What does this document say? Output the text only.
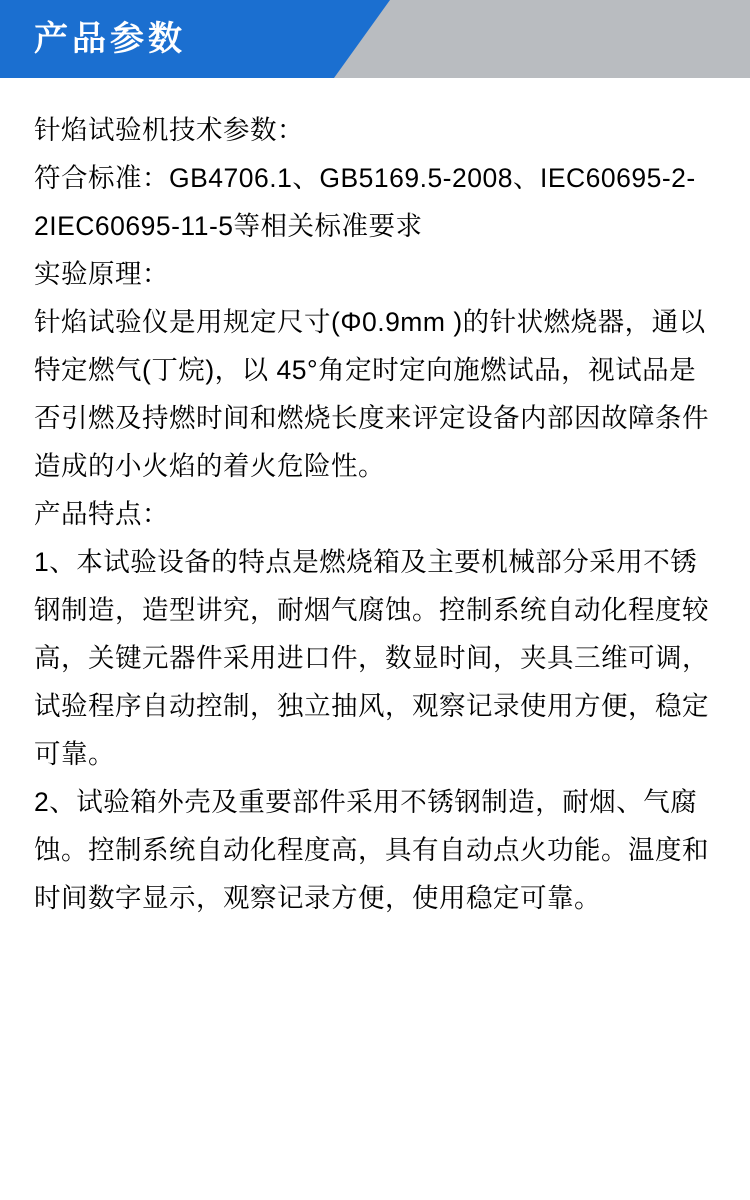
产品参数

针焰试验机技术参数：

符合标准：GB4706.1、GB5169.5-2008、IEC60695-2-2IEC60695-11-5等相关标准要求

实验原理：

针焰试验仪是用规定尺寸(Φ0.9mm )的针状燃烧器，通以特定燃气(丁烷)，以 45°角定时定向施燃试品，视试品是否引燃及持燃时间和燃烧长度来评定设备内部因故障条件造成的小火焰的着火危险性。

产品特点：

1、本试验设备的特点是燃烧箱及主要机械部分采用不锈钢制造，造型讲究，耐烟气腐蚀。控制系统自动化程度较高，关键元器件采用进口件，数显时间，夹具三维可调，试验程序自动控制，独立抽风，观察记录使用方便，稳定可靠。

2、试验箱外壳及重要部件采用不锈钢制造，耐烟、气腐蚀。控制系统自动化程度高，具有自动点火功能。温度和时间数字显示，观察记录方便，使用稳定可靠。
